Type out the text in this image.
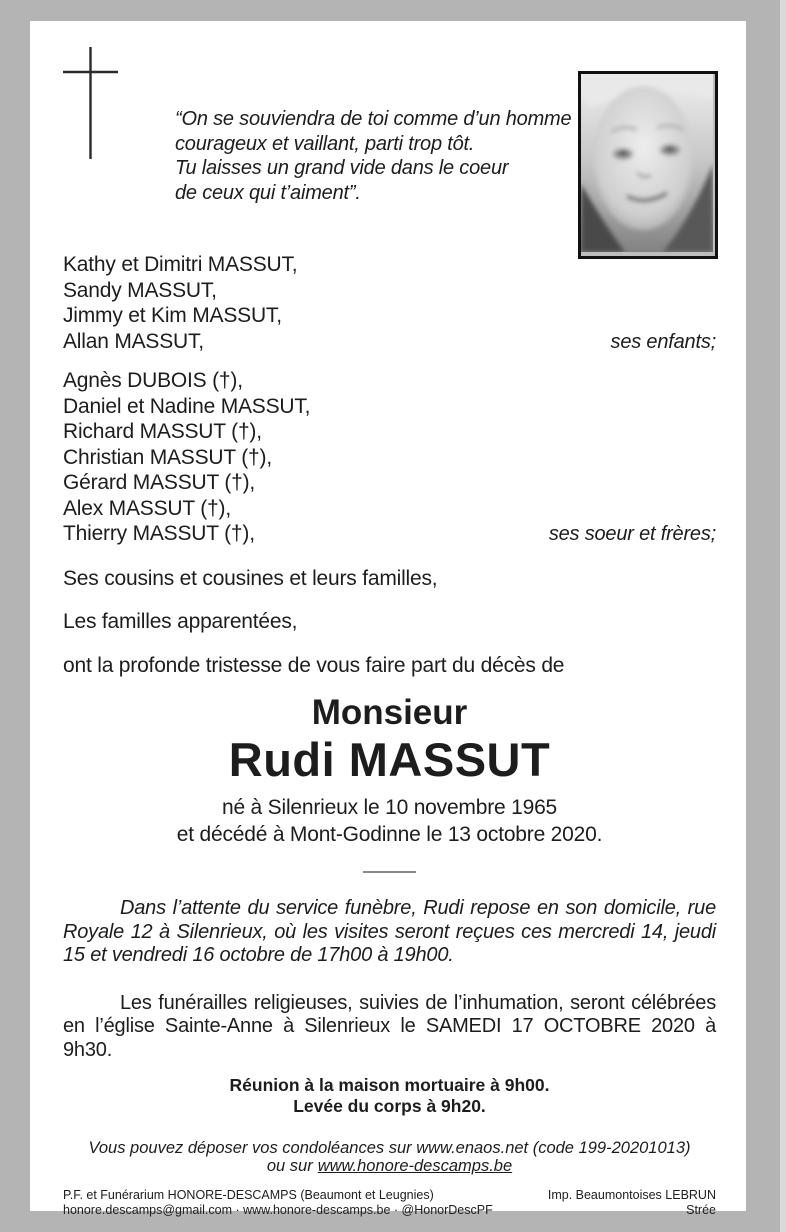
“On se souviendra de toi comme d’un homme
courageux et vaillant, parti trop tôt.
Tu laisses un grand vide dans le coeur
de ceux qui t’aiment”.
Kathy et Dimitri MASSUT,
Sandy MASSUT,
Jimmy et Kim MASSUT,
Allan MASSUT,	ses enfants;
Agnès DUBOIS (†),
Daniel et Nadine MASSUT,
Richard MASSUT (†),
Christian MASSUT (†),
Gérard MASSUT (†),
Alex MASSUT (†),
Thierry MASSUT (†),	ses soeur et frères;
Ses cousins et cousines et leurs familles,
Les familles apparentées,
ont la profonde tristesse de vous faire part du décès de
Monsieur
Rudi MASSUT
né à Silenrieux le 10 novembre 1965
et décédé à Mont-Godinne le 13 octobre 2020.
Dans l’attente du service funèbre, Rudi repose en son domicile, rue Royale 12 à Silenrieux, où les visites seront reçues ces mercredi 14, jeudi 15 et vendredi 16 octobre de 17h00 à 19h00.
Les funérailles religieuses, suivies de l’inhumation, seront célébrées en l’église Sainte-Anne à Silenrieux le SAMEDI 17 OCTOBRE 2020 à 9h30.
Réunion à la maison mortuaire à 9h00.
Levée du corps à 9h20.
Vous pouvez déposer vos condoléances sur www.enaos.net (code 199-20201013)
ou sur www.honore-descamps.be
P.F. et Funérarium HONORE-DESCAMPS (Beaumont et Leugnies)
honore.descamps@gmail.com · www.honore-descamps.be · @HonorDescPF
Imp. Beaumontoises LEBRUN
Strée
